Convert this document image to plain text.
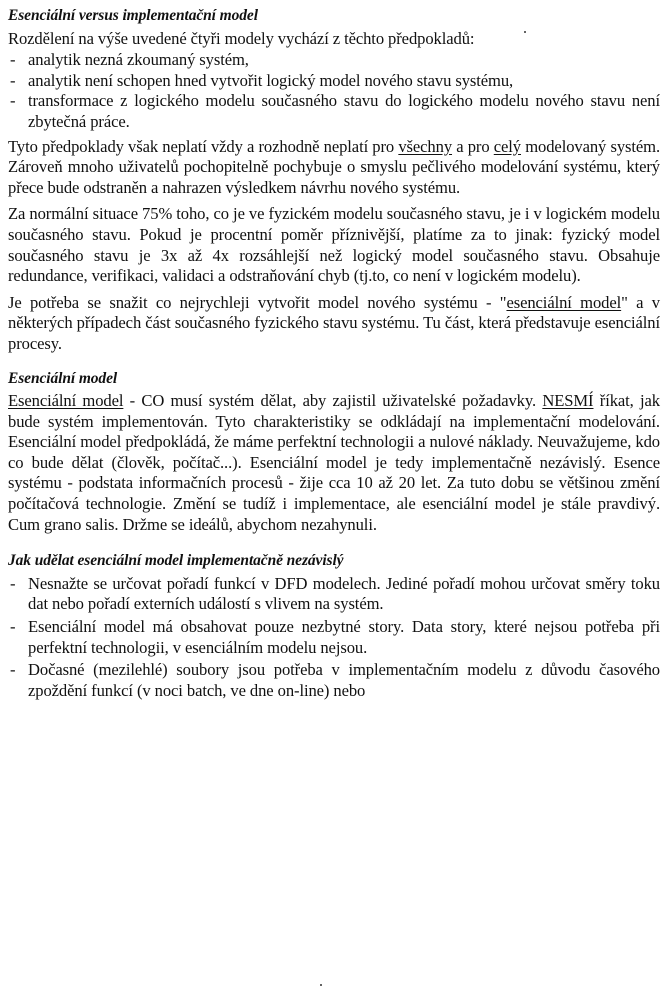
Esenciální versus implementační model

Rozdělení na výše uvedené čtyři modely vychází z těchto předpokladů:

- analytik nezná zkoumaný systém,
- analytik není schopen hned vytvořit logický model nového stavu systému,
- transformace z logického modelu současného stavu do logického modelu nového stavu není zbytečná práce.

Tyto předpoklady však neplatí vždy a rozhodně neplatí pro všechny a pro celý modelovaný systém. Zároveň mnoho uživatelů pochopitelně pochybuje o smyslu pečlivého modelování systému, který přece bude odstraněn a nahrazen výsledkem návrhu nového systému.

Za normální situace 75% toho, co je ve fyzickém modelu současného stavu, je i v logickém modelu současného stavu. Pokud je procentní poměr příznivější, platíme za to jinak: fyzický model současného stavu je 3x až 4x rozsáhlejší než logický model současného stavu. Obsahuje redundance, verifikaci, validaci a odstraňování chyb (tj.to, co není v logickém modelu).

Je potřeba se snažit co nejrychleji vytvořit model nového systému - "esenciální model" a v některých případech část současného fyzického stavu systému. Tu část, která představuje esenciální procesy.

Esenciální model

Esenciální model - CO musí systém dělat, aby zajistil uživatelské požadavky. NESMÍ říkat, jak bude systém implementován. Tyto charakteristiky se odkládají na implementační modelování. Esenciální model předpokládá, že máme perfektní technologii a nulové náklady. Neuvažujeme, kdo co bude dělat (člověk, počítač...). Esenciální model je tedy implementačně nezávislý. Esence systému - podstata informačních procesů - žije cca 10 až 20 let. Za tuto dobu se většinou změní počítačová technologie. Změní se tudíž i implementace, ale esenciální model je stále pravdivý. Cum grano salis. Držme se ideálů, abychom nezahynuli.

Jak udělat esenciální model implementačně nezávislý
- Nesnažte se určovat pořadí funkcí v DFD modelech. Jediné pořadí mohou určovat směry toku dat nebo pořadí externích událostí s vlivem na systém.
- Esenciální model má obsahovat pouze nezbytné story. Data story, které nejsou potřeba při perfektní technologii, v esenciálním modelu nejsou.
- Dočasné (mezilehlé) soubory jsou potřeba v implementačním modelu z důvodu časového zpoždění funkcí (v noci batch, ve dne on-line) nebo
